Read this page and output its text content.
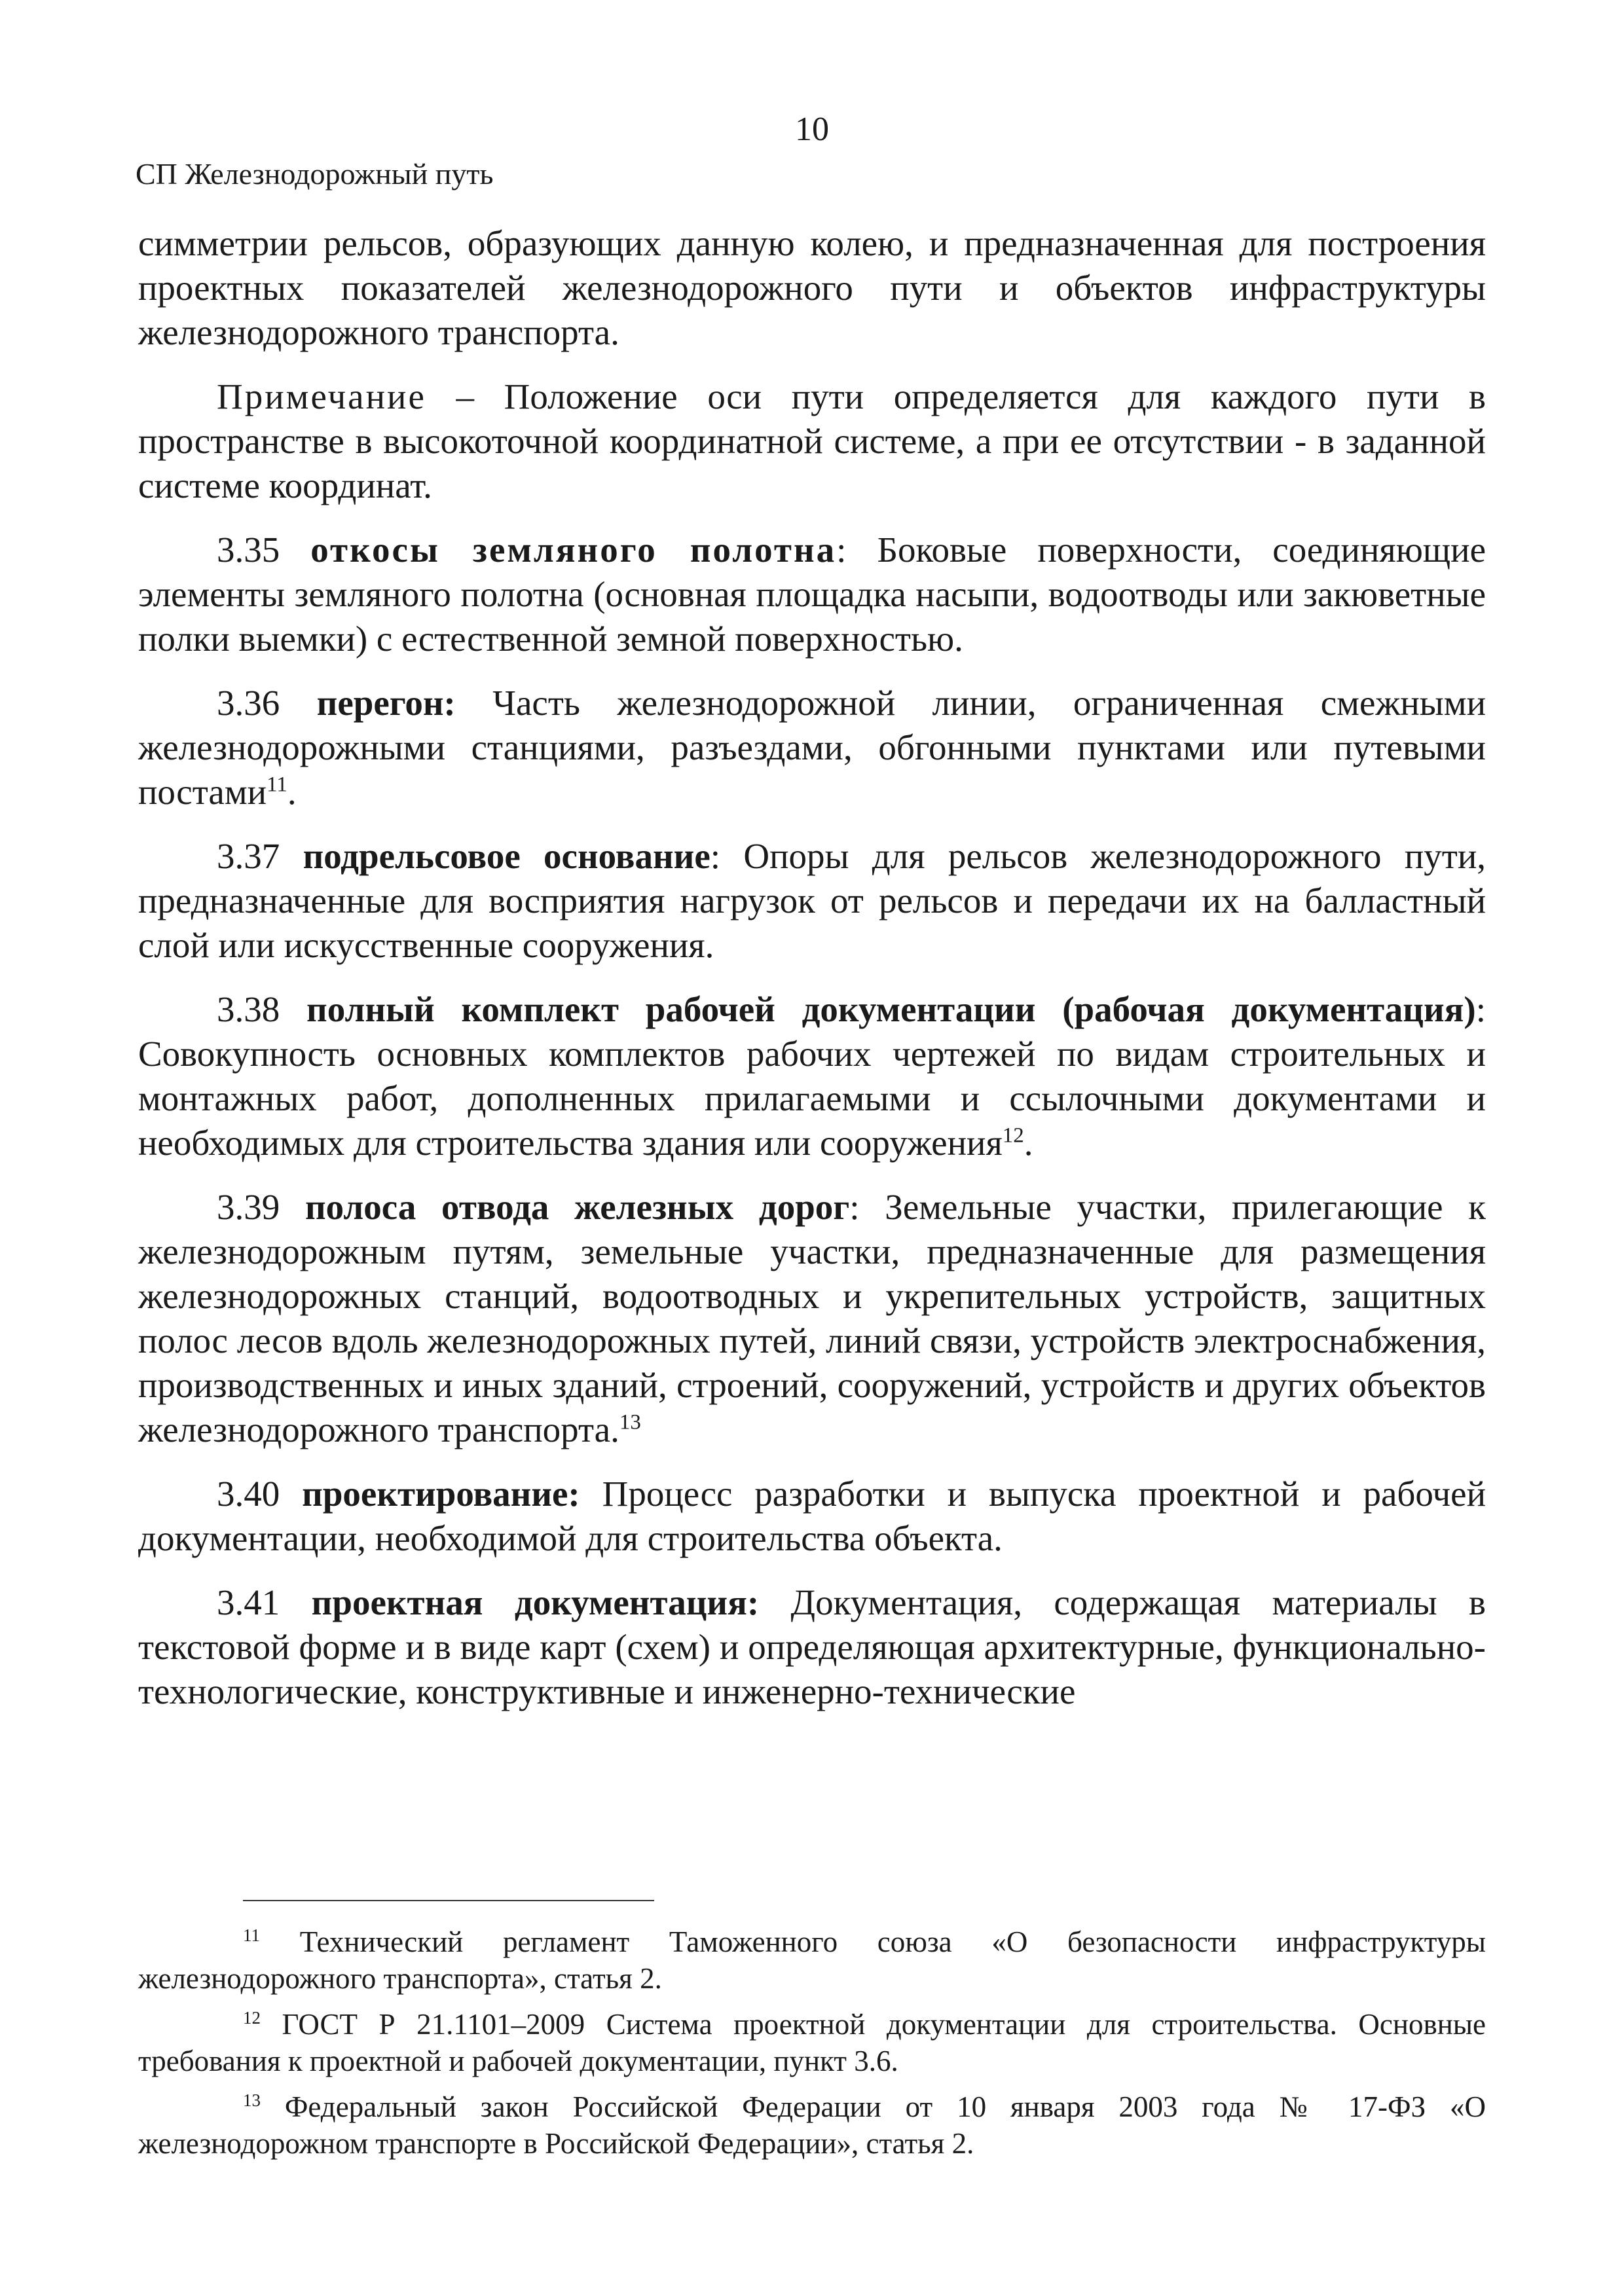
10
СП Железнодорожный путь

симметрии рельсов, образующих данную колею, и предназначенная для построения проектных показателей железнодорожного пути и объектов инфраструктуры железнодорожного транспорта.

Примечание – Положение оси пути определяется для каждого пути в пространстве в высокоточной координатной системе, а при ее отсутствии - в заданной системе координат.

3.35 откосы земляного полотна: Боковые поверхности, соединяющие элементы земляного полотна (основная площадка насыпи, водоотводы или закюветные полки выемки) с естественной земной поверхностью.

3.36 перегон: Часть железнодорожной линии, ограниченная смежными железнодорожными станциями, разъездами, обгонными пунктами или путевыми постами$^{11}$.

3.37 подрельсовое основание: Опоры для рельсов железнодорожного пути, предназначенные для восприятия нагрузок от рельсов и передачи их на балластный слой или искусственные сооружения.

3.38 полный комплект рабочей документации (рабочая документация): Совокупность основных комплектов рабочих чертежей по видам строительных и монтажных работ, дополненных прилагаемыми и ссылочными документами и необходимых для строительства здания или сооружения$^{12}$.

3.39 полоса отвода железных дорог: Земельные участки, прилегающие к железнодорожным путям, земельные участки, предназначенные для размещения железнодорожных станций, водоотводных и укрепительных устройств, защитных полос лесов вдоль железнодорожных путей, линий связи, устройств электроснабжения, производственных и иных зданий, строений, сооружений, устройств и других объектов железнодорожного транспорта.$^{13}$

3.40 проектирование: Процесс разработки и выпуска проектной и рабочей документации, необходимой для строительства объекта.

3.41 проектная документация: Документация, содержащая материалы в текстовой форме и в виде карт (схем) и определяющая архитектурные, функционально-технологические, конструктивные и инженерно-технические

$^{11}$ Технический регламент Таможенного союза «О безопасности инфраструктуры железнодорожного транспорта», статья 2.

$^{12}$ ГОСТ Р 21.1101–2009 Система проектной документации для строительства. Основные требования к проектной и рабочей документации, пункт 3.6.

$^{13}$ Федеральный закон Российской Федерации от 10 января 2003 года № 17-ФЗ «О железнодорожном транспорте в Российской Федерации», статья 2.
